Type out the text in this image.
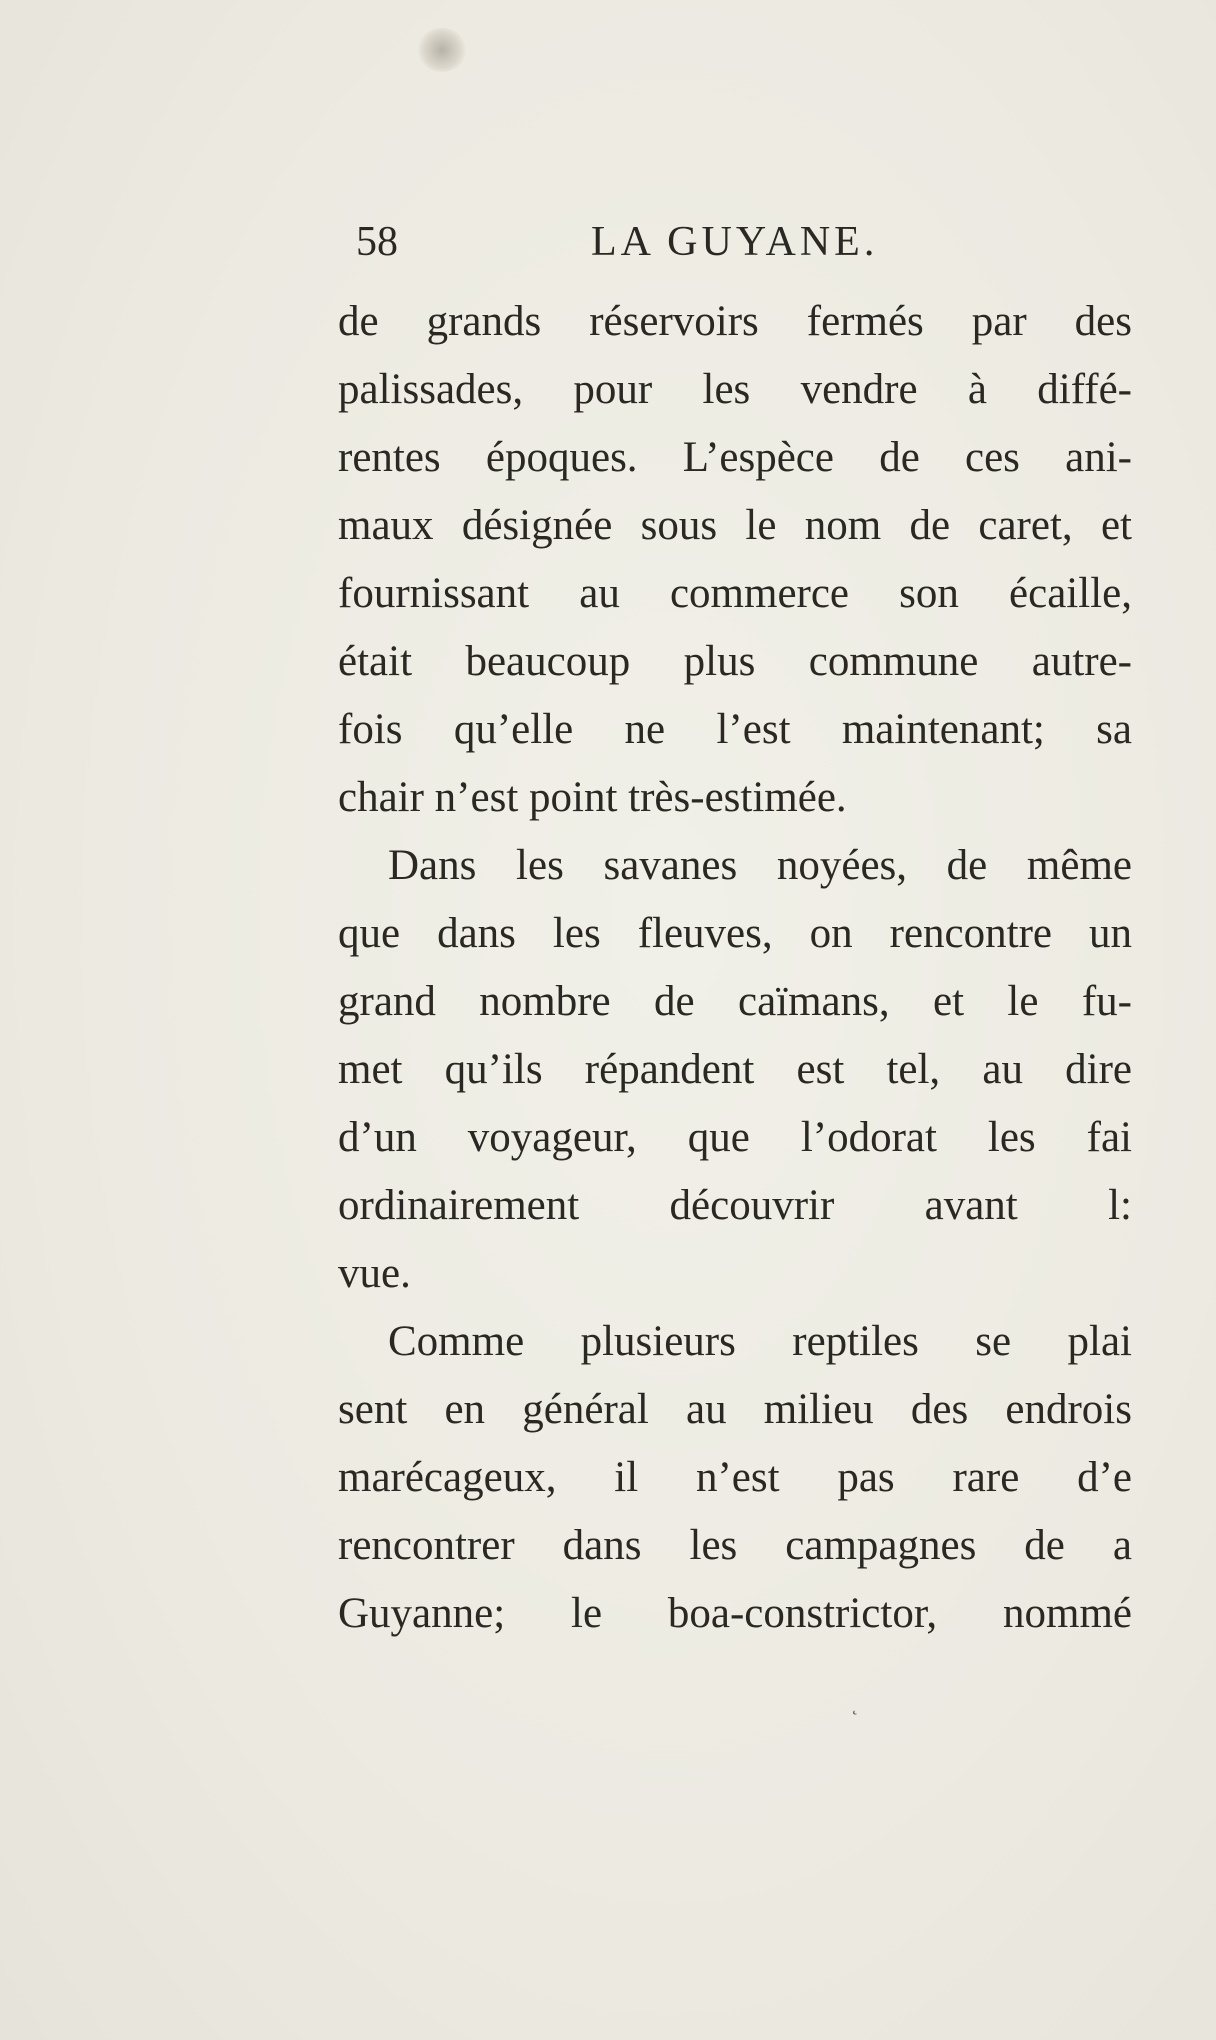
58	LA GUYANE.
de grands réservoirs fermés par des
palissades, pour les vendre à diffé-
rentes époques. L’espèce de ces ani-
maux désignée sous le nom de caret, et
fournissant au commerce son écaille,
était beaucoup plus commune autre-
fois qu’elle ne l’est maintenant; sa
chair n’est point très-estimée.
Dans les savanes noyées, de même
que dans les fleuves, on rencontre un
grand nombre de caïmans, et le fu-
met qu’ils répandent est tel, au dire
d’un voyageur, que l’odorat les fai
ordinairement découvrir avant l:
vue.
Comme plusieurs reptiles se plai
sent en général au milieu des endrois
marécageux, il n’est pas rare d’e
rencontrer dans les campagnes de a
Guyanne; le boa-constrictor, nommé
˛
